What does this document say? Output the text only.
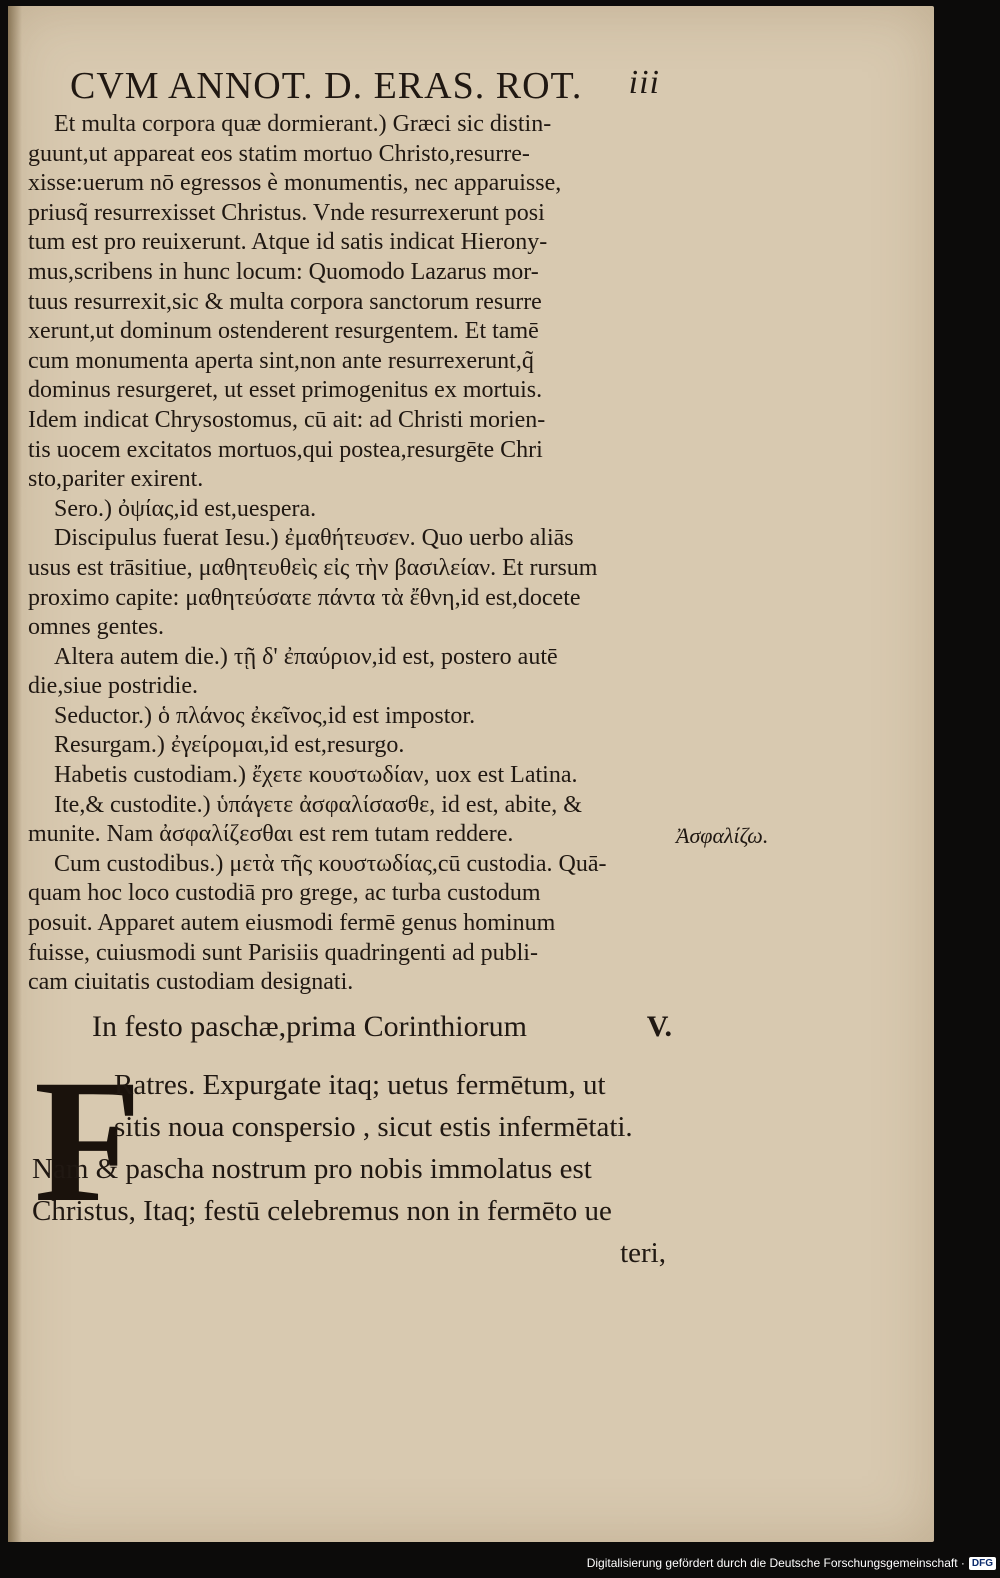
CVM ANNOT. D. ERAS. ROT. iii

Et multa corpora quæ dormierant.) Græci sic distin-

guunt,ut appareat eos statim mortuo Christo,resurre-

xisse:uerum nō egressos è monumentis, nec apparuisse,

priusq̃ resurrexisset Christus. Vnde resurrexerunt posi

tum est pro reuixerunt. Atque id satis indicat Hierony-

mus,scribens in hunc locum: Quomodo Lazarus mor-

tuus resurrexit,sic & multa corpora sanctorum resurre

xerunt,ut dominum ostenderent resurgentem. Et tamē

cum monumenta aperta sint,non ante resurrexerunt,q̃

dominus resurgeret, ut esset primogenitus ex mortuis.

Idem indicat Chrysostomus, cū ait: ad Christi morien-

tis uocem excitatos mortuos,qui postea,resurgēte Chri

sto,pariter exirent.

Sero.) ὀψίας,id est,uespera.

Discipulus fuerat Iesu.) ἐμαθήτευσεν. Quo uerbo aliās

usus est trāsitiue, μαθητευθεὶς εἰς τὴν βασιλείαν. Et rursum

proximo capite: μαθητεύσατε πάντα τὰ ἔθνη,id est,docete

omnes gentes.

Altera autem die.) τῇ δ' ἐπαύριον,id est, postero autē

die,siue postridie.

Seductor.) ὁ πλάνος ἐκεῖνος,id est impostor.

Resurgam.) ἐγείρομαι,id est,resurgo.

Habetis custodiam.) ἔχετε κουστωδίαν, uox est Latina.

Ite,& custodite.) ὑπάγετε ἀσφαλίσασθε, id est, abite, &

munite. Nam ἀσφαλίζεσθαι est rem tutam reddere.

Cum custodibus.) μετὰ τῆς κουστωδίας,cū custodia. Quā-

quam hoc loco custodiā pro grege, ac turba custodum

posuit. Apparet autem eiusmodi fermē genus hominum

fuisse, cuiusmodi sunt Parisiis quadringenti ad publi-

cam ciuitatis custodiam designati.

Ἀσφαλίζω.
In festo paschæ,prima Corinthiorum	V.
F

Ratres. Expurgate itaq; uetus fermētum, ut

sitis noua conspersio , sicut estis infermētati.

Nam & pascha nostrum pro nobis immolatus est

Christus, Itaq; festū celebremus non in fermēto ue

teri,

Digitalisierung gefördert durch die Deutsche Forschungsgemeinschaft · DFG
